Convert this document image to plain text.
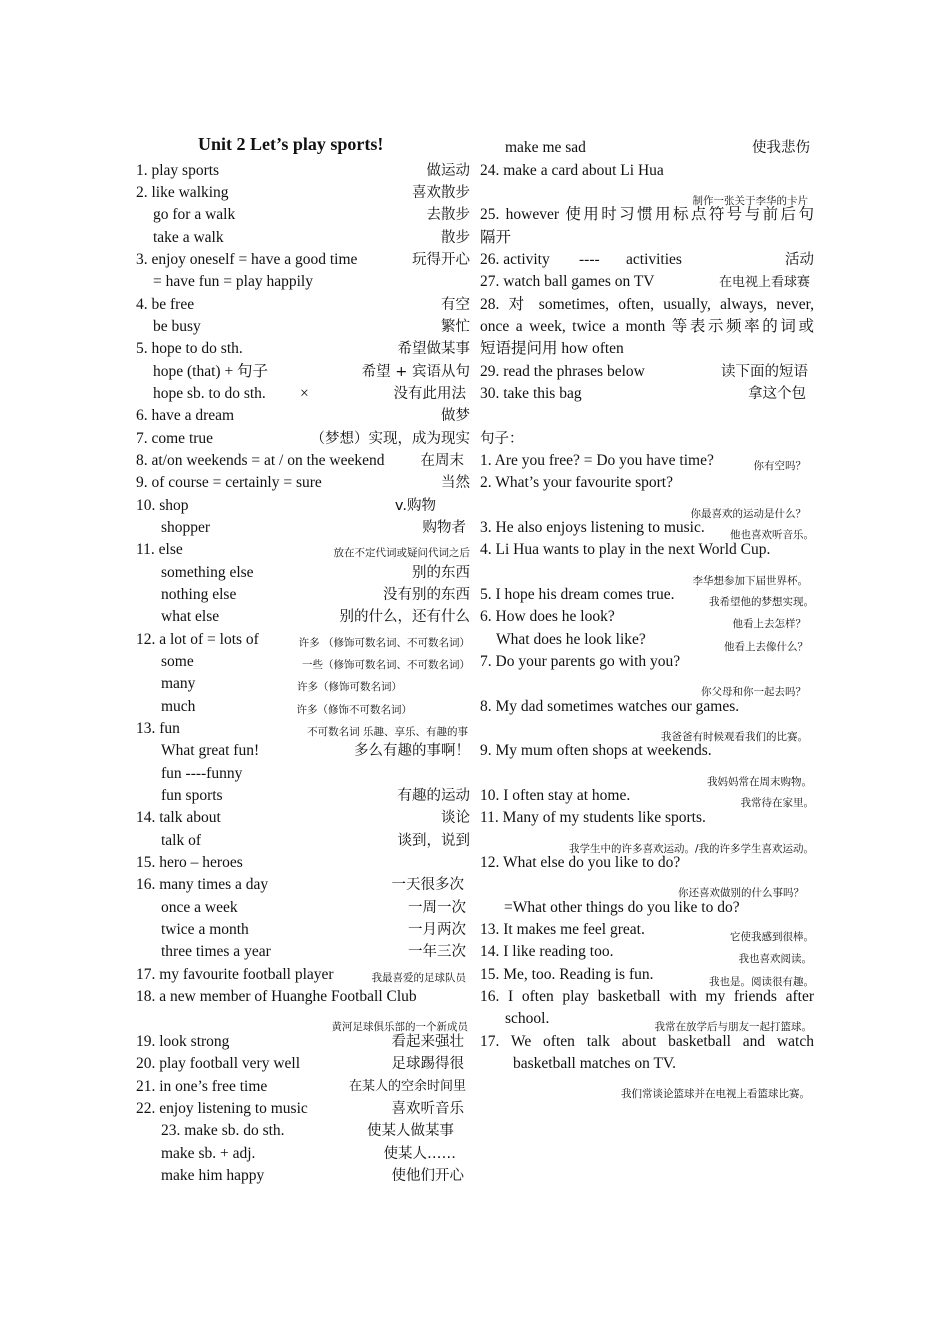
Unit 2 Let’s play sports!
1. play sports	做运动
2. like walking	喜欢散步
go for a walk	去散步
take a walk	散步
3. enjoy oneself = have a good time	玩得开心
= have fun = play happily
4. be free	有空
be busy	繁忙
5. hope to do sth.	希望做某事
hope (that) + 句子	希望 + 宾语从句
hope sb. to do sth. ×	没有此用法
6. have a dream	做梦
7. come true	（梦想）实现，成为现实
8. at/on weekends = at / on the weekend 在周末
9. of course = certainly = sure	当然
10. shop	v.购物
shopper	购物者
11. else	放在不定代词或疑问代词之后
something else	别的东西
nothing else	没有别的东西
what else	别的什么，还有什么
12. a lot of = lots of	许多 （修饰可数名词、不可数名词）
some	一些（修饰可数名词、不可数名词）
many	许多（修饰可数名词）
much	许多（修饰不可数名词）
13. fun	不可数名词 乐趣、享乐、有趣的事
What great fun!	多么有趣的事啊！
fun ----funny
fun sports	有趣的运动
14. talk about	谈论
talk of	谈到，说到
15. hero – heroes
16. many times a day	一天很多次
once a week	一周一次
twice a month	一月两次
three times a year	一年三次
17. my favourite football player	我最喜爱的足球队员
18. a new member of Huanghe Football Club
黄河足球俱乐部的一个新成员
19. look strong	看起来强壮
20. play football very well	足球踢得很
21. in one’s free time	在某人的空余时间里
22. enjoy listening to music	喜欢听音乐
23. make sb. do sth.	使某人做某事
make sb. + adj.	使某人……
make him happy	使他们开心
make me sad	使我悲伤
24. make a card about Li Hua
制作一张关于李华的卡片
25. however 使用时习惯用标点符号与前后句
隔开
26. activity ---- activities	活动
27. watch ball games on TV	在电视上看球赛
28. 对 sometimes, often, usually, always, never,
once a week, twice a month 等表示频率的词或
短语提问用 how often
29. read the phrases below	读下面的短语
30. take this bag	拿这个包
句子：
1. Are you free? = Do you have time?	你有空吗？
2. What’s your favourite sport?
你最喜欢的运动是什么？
3. He also enjoys listening to music. 他也喜欢听音乐。
4. Li Hua wants to play in the next World Cup.
李华想参加下届世界杯。
5. I hope his dream comes true.	我希望他的梦想实现。
6. How does he look?	他看上去怎样？
What does he look like?	他看上去像什么？
7. Do your parents go with you?
你父母和你一起去吗？
8. My dad sometimes watches our games.
我爸爸有时候观看我们的比赛。
9. My mum often shops at weekends.
我妈妈常在周末购物。
10. I often stay at home.	我常待在家里。
11. Many of my students like sports.
我学生中的许多喜欢运动。/我的许多学生喜欢运动。
12. What else do you like to do?
你还喜欢做别的什么事吗？
=What other things do you like to do?
13. It makes me feel great.	它使我感到很棒。
14. I like reading too.	我也喜欢阅读。
15. Me, too. Reading is fun.	我也是。阅读很有趣。
16. I often play basketball with my friends after
school.	我常在放学后与朋友一起打篮球。
17. We often talk about basketball and watch
basketball matches on TV.
我们常谈论篮球并在电视上看篮球比赛。
